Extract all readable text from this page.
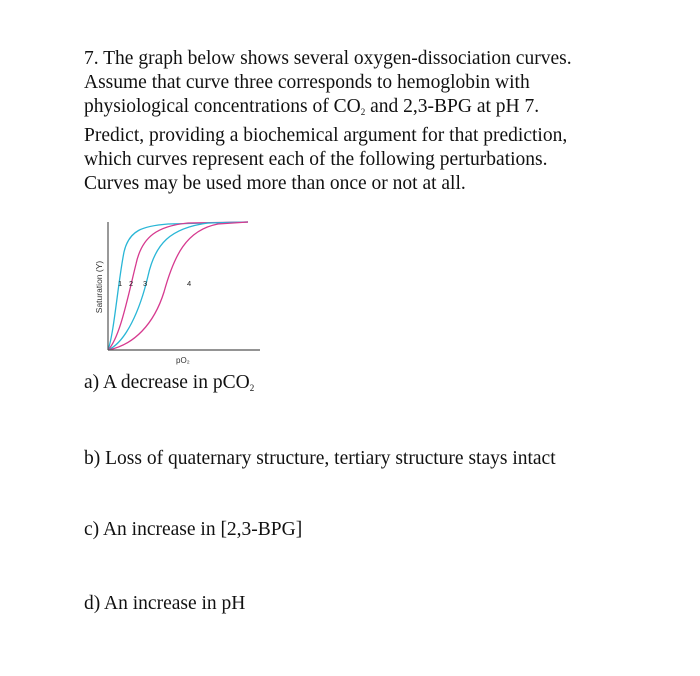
7. The graph below shows several oxygen-dissociation curves.
Assume that curve three corresponds to hemoglobin with
physiological concentrations of $CO_2$ and 2,3-BPG at pH 7.
Predict, providing a biochemical argument for that prediction,
which curves represent each of the following perturbations.
Curves may be used more than once or not at all.
Saturation (Y) 1 2 3	4
pO₂
a) A decrease in pCO$_2$
b) Loss of quaternary structure, tertiary structure stays intact
c) An increase in [2,3-BPG]
d) An increase in pH
